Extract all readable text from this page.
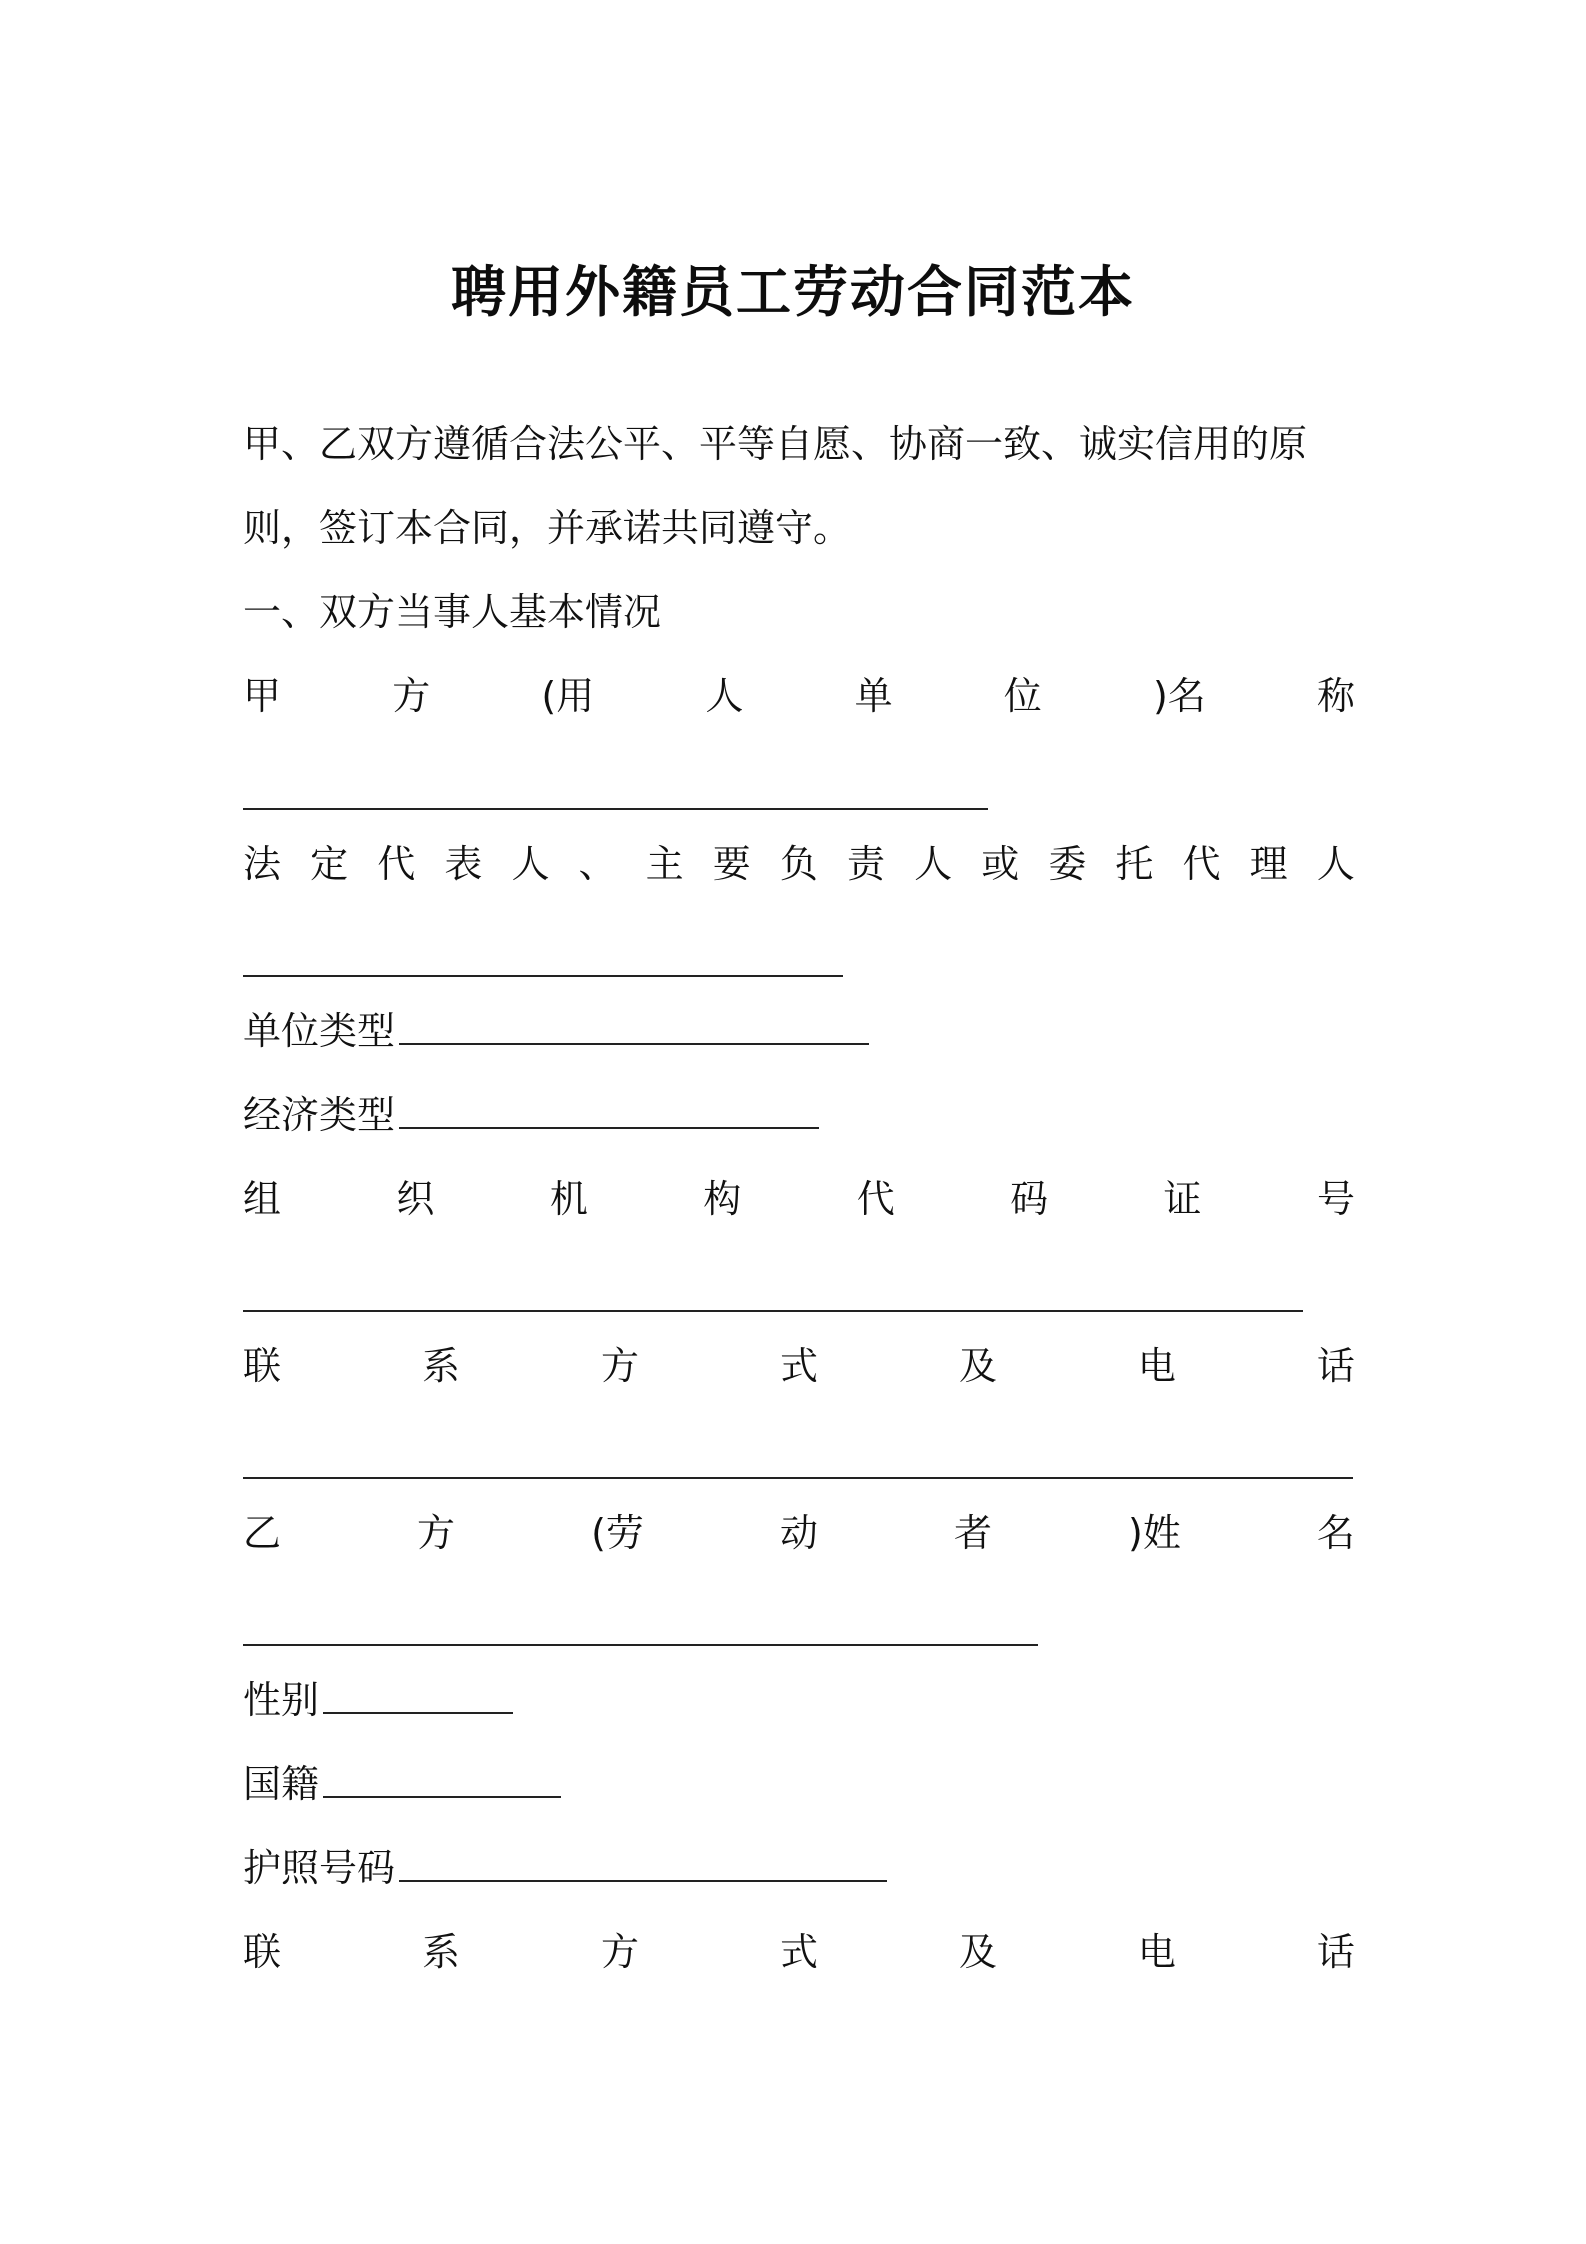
聘用外籍员工劳动合同范本
甲、乙双方遵循合法公平、平等自愿、协商一致、诚实信用的原则，签订本合同，并承诺共同遵守。
一、双方当事人基本情况
甲	方	(用	人	单	位	)名	称
法 定 代 表 人 、 主 要 负 责 人 或 委 托 代 理 人
单位类型
经济类型
组	织	机	构	代	码	证	号
联	系	方	式	及	电	话
乙	方	(劳	动	者	)姓	名
性别
国籍
护照号码
联	系	方	式	及	电	话
